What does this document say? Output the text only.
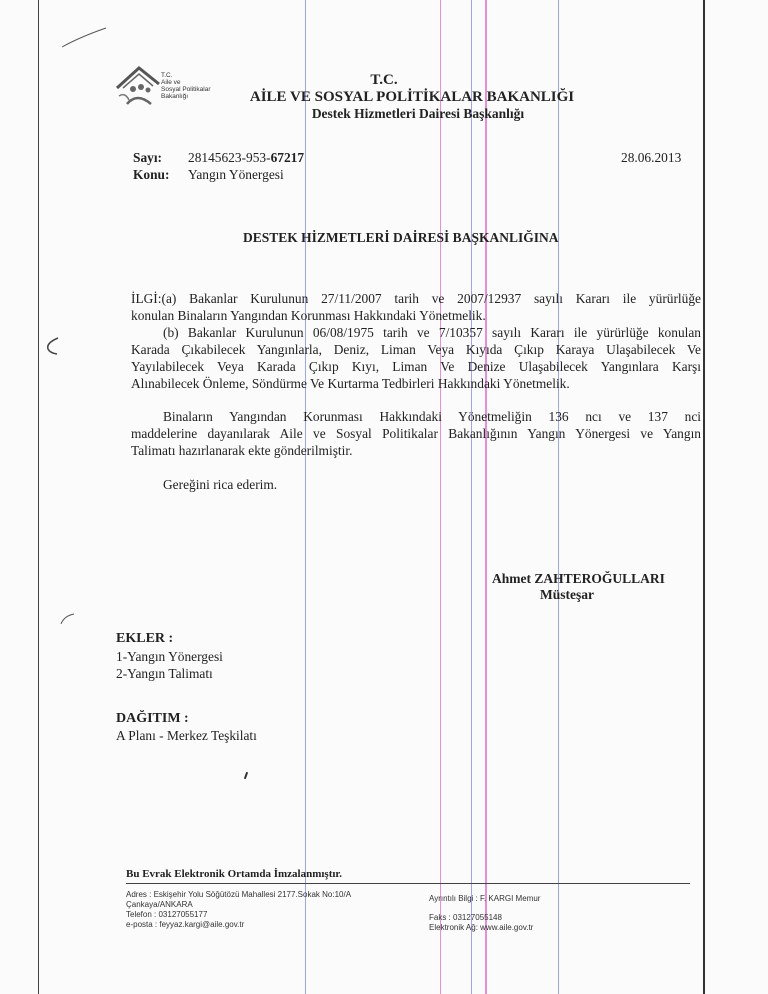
T.C.
Aile ve
Sosyal Politikalar
Bakanlığı
T.C.
AİLE VE SOSYAL POLİTİKALAR BAKANLIĞI
Destek Hizmetleri Dairesi Başkanlığı
Sayı: 28145623-953-67217	28.06.2013
Konu: Yangın Yönergesi
DESTEK HİZMETLERİ DAİRESİ BAŞKANLIĞINA
İLGİ:(a) Bakanlar Kurulunun 27/11/2007 tarih ve 2007/12937 sayılı Kararı ile yürürlüğe
konulan Binaların Yangından Korunması Hakkındaki Yönetmelik.
(b) Bakanlar Kurulunun 06/08/1975 tarih ve 7/10357 sayılı Kararı ile yürürlüğe konulan
Karada Çıkabilecek Yangınlarla, Deniz, Liman Veya Kıyıda Çıkıp Karaya Ulaşabilecek Ve
Yayılabilecek Veya Karada Çıkıp Kıyı, Liman Ve Denize Ulaşabilecek Yangınlara Karşı
Alınabilecek Önleme, Söndürme Ve Kurtarma Tedbirleri Hakkındaki Yönetmelik.
Binaların Yangından Korunması Hakkındaki Yönetmeliğin 136 ncı ve 137 nci
maddelerine dayanılarak Aile ve Sosyal Politikalar Bakanlığının Yangın Yönergesi ve Yangın
Talimatı hazırlanarak ekte gönderilmiştir.
Gereğini rica ederim.
Ahmet ZAHTEROĞULLARI
Müsteşar
EKLER :
1-Yangın Yönergesi
2-Yangın Talimatı
DAĞITIM :
A Planı - Merkez Teşkilatı
Bu Evrak Elektronik Ortamda İmzalanmıştır.
Adres : Eskişehir Yolu Söğütözü Mahallesi 2177.Sokak No:10/A
Çankaya/ANKARA
Telefon : 03127055177
e-posta : feyyaz.kargi@aile.gov.tr
Ayrıntılı Bilgi : F. KARGI Memur
Faks : 03127055148
Elektronik Ağ: www.aile.gov.tr
